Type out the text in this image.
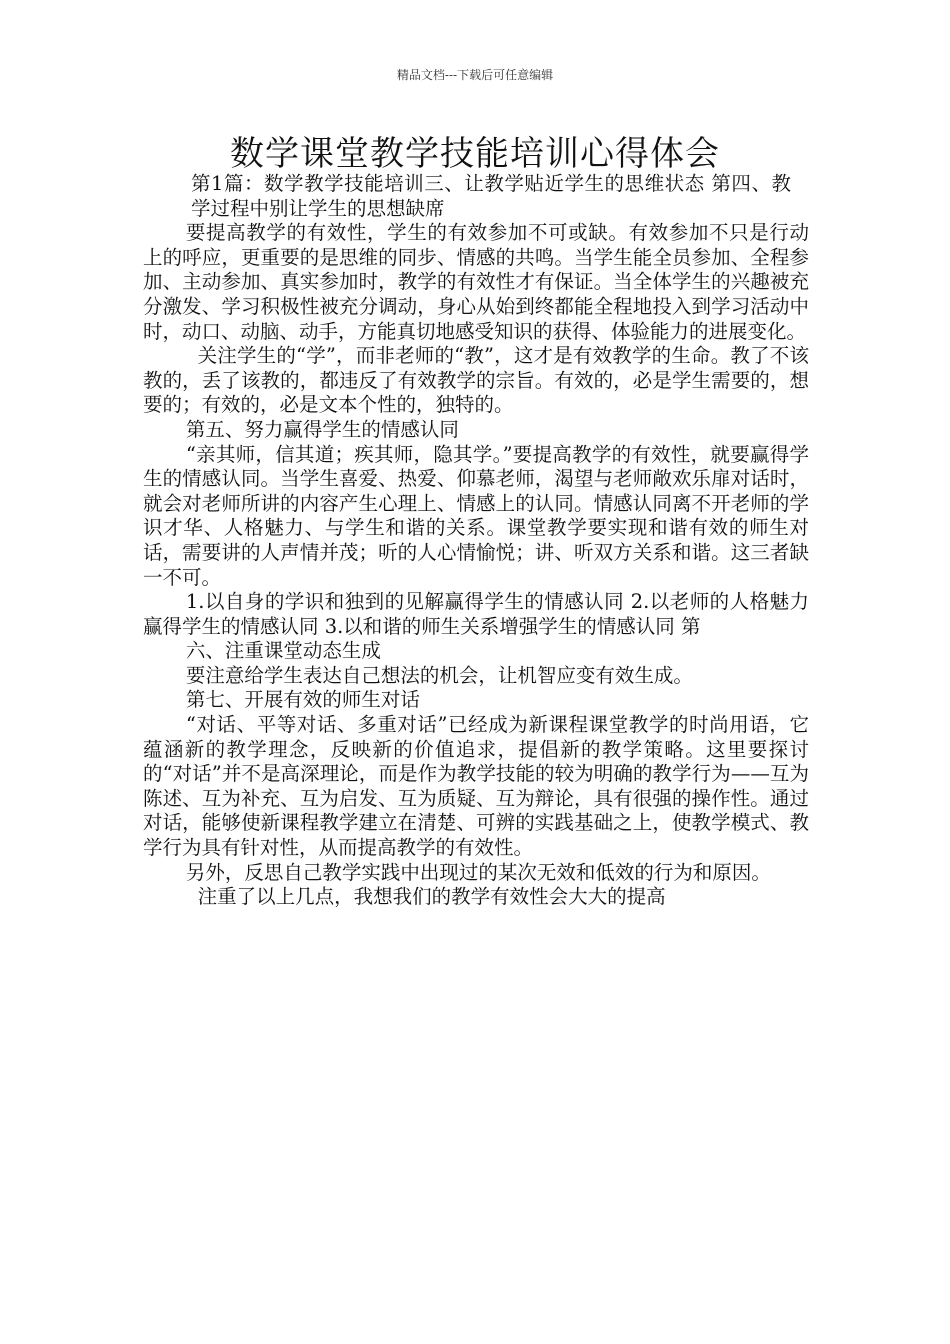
精品文档---下载后可任意编辑
数学课堂教学技能培训心得体会

第1篇：数学教学技能培训三、让教学贴近学生的思维状态 第四、教学过程中别让学生的思想缺席

要提高教学的有效性，学生的有效参加不可或缺。有效参加不只是行动上的呼应，更重要的是思维的同步、情感的共鸣。当学生能全员参加、全程参加、主动参加、真实参加时，教学的有效性才有保证。当全体学生的兴趣被充分激发、学习积极性被充分调动，身心从始到终都能全程地投入到学习活动中时，动口、动脑、动手，方能真切地感受知识的获得、体验能力的进展变化。

关注学生的“学”，而非老师的“教”，这才是有效教学的生命。教了不该教的，丢了该教的，都违反了有效教学的宗旨。有效的，必是学生需要的，想要的；有效的，必是文本个性的，独特的。

第五、努力赢得学生的情感认同

“亲其师，信其道；疾其师，隐其学。”要提高教学的有效性，就要赢得学生的情感认同。当学生喜爱、热爱、仰慕老师，渴望与老师敞欢乐扉对话时，就会对老师所讲的内容产生心理上、情感上的认同。情感认同离不开老师的学识才华、人格魅力、与学生和谐的关系。课堂教学要实现和谐有效的师生对话，需要讲的人声情并茂；听的人心情愉悦；讲、听双方关系和谐。这三者缺一不可。

1.以自身的学识和独到的见解赢得学生的情感认同 2.以老师的人格魅力赢得学生的情感认同 3.以和谐的师生关系增强学生的情感认同 第

六、注重课堂动态生成

要注意给学生表达自己想法的机会，让机智应变有效生成。

第七、开展有效的师生对话

“对话、平等对话、多重对话”已经成为新课程课堂教学的时尚用语，它蕴涵新的教学理念，反映新的价值追求，提倡新的教学策略。这里要探讨的“对话”并不是高深理论，而是作为教学技能的较为明确的教学行为——互为陈述、互为补充、互为启发、互为质疑、互为辩论，具有很强的操作性。通过对话，能够使新课程教学建立在清楚、可辨的实践基础之上，使教学模式、教学行为具有针对性，从而提高教学的有效性。

另外，反思自己教学实践中出现过的某次无效和低效的行为和原因。

注重了以上几点，我想我们的教学有效性会大大的提高
